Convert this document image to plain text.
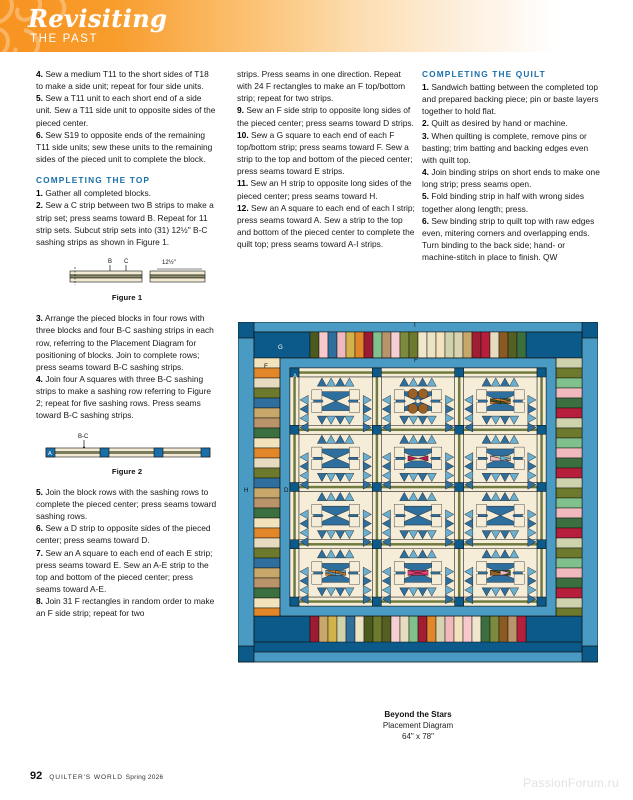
Revisiting
THE PAST

4. Sew a medium T11 to the short sides of T18 to make a side unit; repeat for four side units.

5. Sew a T11 unit to each short end of a side unit. Sew a T11 side unit to opposite sides of the pieced center.

6. Sew S19 to opposite ends of the remaining T11 side units; sew these units to the remaining sides of the pieced unit to complete the block.

COMPLETING THE TOP

1. Gather all completed blocks.

2. Sew a C strip between two B strips to make a strip set; press seams toward B. Repeat for 11 strip sets. Subcut strip sets into (31) 12½" B-C sashing strips as shown in Figure 1.

B C	12½"
Figure 1

3. Arrange the pieced blocks in four rows with three blocks and four B-C sashing strips in each row, referring to the Placement Diagram for positioning of blocks. Join to complete rows; press seams toward B-C sashing strips.

4. Join four A squares with three B-C sashing strips to make a sashing row referring to Figure 2; repeat for five sashing rows. Press seams toward B-C sashing strips.

B-C
A
Figure 2

5. Join the block rows with the sashing rows to complete the pieced center; press seams toward sashing rows.

6. Sew a D strip to opposite sides of the pieced center; press seams toward D.

7. Sew an A square to each end of each E strip; press seams toward E. Sew an A-E strip to the top and bottom of the pieced center; press seams toward A-E.

8. Join 31 F rectangles in random order to make an F side strip; repeat for two

strips. Press seams in one direction. Repeat with 24 F rectangles to make an F top/bottom strip; repeat for two strips.

9. Sew an F side strip to opposite long sides of the pieced center; press seams toward D strips.

10. Sew a G square to each end of each F top/bottom strip; press seams toward F. Sew a strip to the top and bottom of the pieced center; press seams toward E strips.

11. Sew an H strip to opposite long sides of the pieced center; press seams toward H.

12. Sew an A square to each end of each I strip; press seams toward A. Sew a strip to the top and bottom of the pieced center to complete the quilt top; press seams toward A-I strips.

COMPLETING THE QUILT

1. Sandwich batting between the completed top and prepared backing piece; pin or baste layers together to hold flat.

2. Quilt as desired by hand or machine.

3. When quilting is complete, remove pins or basting; trim batting and backing edges even with quilt top.

4. Join binding strips on short ends to make one long strip; press seams open.

5. Fold binding strip in half with wrong sides together along length; press.

6. Sew binding strip to quilt top with raw edges even, mitering corners and overlapping ends. Turn binding to the back side; hand- or machine-stitch in place to finish. QW

G
F
F
A
H	D
I
Beyond the Stars
Placement Diagram
64" x 78"
92 QUILTER'S WORLD Spring 2026	PassionForum.ru
